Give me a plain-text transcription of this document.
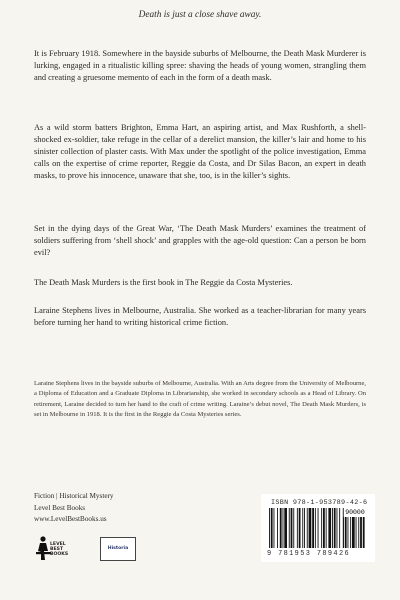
Death is just a close shave away.

It is February 1918. Somewhere in the bayside suburbs of Melbourne, the Death Mask Murderer is lurking, engaged in a ritualistic killing spree: shaving the heads of young women, strangling them and creating a gruesome memento of each in the form of a death mask.

As a wild storm batters Brighton, Emma Hart, an aspiring artist, and Max Rushforth, a shell-shocked ex-soldier, take refuge in the cellar of a derelict mansion, the killer’s lair and home to his sinister collection of plaster casts. With Max under the spotlight of the police investigation, Emma calls on the expertise of crime reporter, Reggie da Costa, and Dr Silas Bacon, an expert in death masks, to prove his innocence, unaware that she, too, is in the killer’s sights.

Set in the dying days of the Great War, ‘The Death Mask Murders’ examines the treatment of soldiers suffering from ‘shell shock’ and grapples with the age-old question: Can a person be born evil?

The Death Mask Murders is the first book in The Reggie da Costa Mysteries.

Laraine Stephens lives in Melbourne, Australia. She worked as a teacher-librarian for many years before turning her hand to writing historical crime fiction.

Laraine Stephens lives in the bayside suburbs of Melbourne, Australia. With an Arts degree from the University of Melbourne, a Diploma of Education and a Graduate Diploma in Librarianship, she worked in secondary schools as a Head of Library. On retirement, Laraine decided to turn her hand to the craft of crime writing. Laraine’s debut novel, The Death Mask Murders, is set in Melbourne in 1918. It is the first in the Reggie da Costa Mysteries series.
Fiction | Historical Mystery
Level Best Books
www.LevelBestBooks.us
LEVEL BEST BOOKS
Historia
ISBN 978-1-953789-42-6
90000
9 781953 789426
